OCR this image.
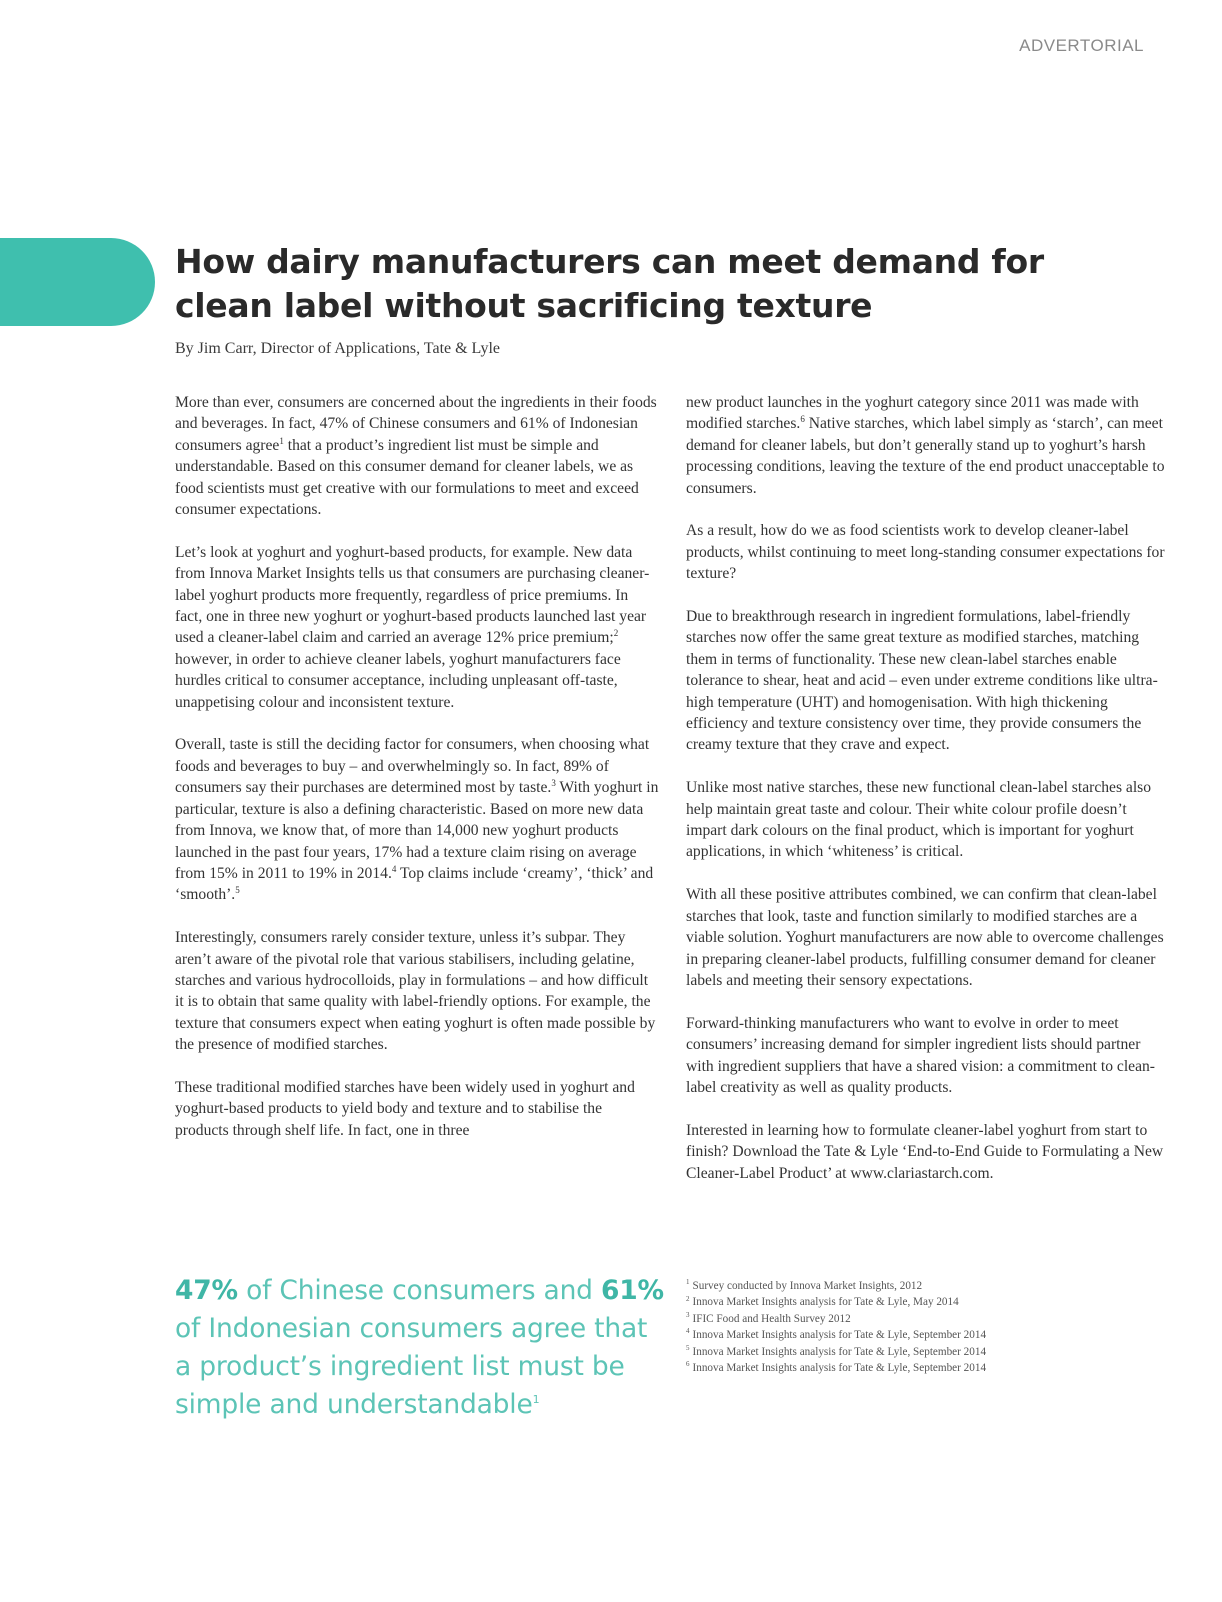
ADVERTORIAL
How dairy manufacturers can meet demand for
clean label without sacrificing texture
By Jim Carr, Director of Applications, Tate & Lyle

More than ever, consumers are concerned about the ingredients in their foods and beverages. In fact, 47% of Chinese consumers and 61% of Indonesian consumers agree$^1$ that a product’s ingredient list must be simple and understandable. Based on this consumer demand for cleaner labels, we as food scientists must get creative with our formulations to meet and exceed consumer expectations.

Let’s look at yoghurt and yoghurt-based products, for example. New data from Innova Market Insights tells us that consumers are purchasing cleaner-label yoghurt products more frequently, regardless of price premiums. In fact, one in three new yoghurt or yoghurt-based products launched last year used a cleaner-label claim and carried an average 12% price premium;$^2$ however, in order to achieve cleaner labels, yoghurt manufacturers face hurdles critical to consumer acceptance, including unpleasant off-taste, unappetising colour and inconsistent texture.

Overall, taste is still the deciding factor for consumers, when choosing what foods and beverages to buy – and overwhelmingly so. In fact, 89% of consumers say their purchases are determined most by taste.$^3$ With yoghurt in particular, texture is also a defining characteristic. Based on more new data from Innova, we know that, of more than 14,000 new yoghurt products launched in the past four years, 17% had a texture claim rising on average from 15% in 2011 to 19% in 2014.$^4$ Top claims include ‘creamy’, ‘thick’ and ‘smooth’.$^5$

Interestingly, consumers rarely consider texture, unless it’s subpar. They aren’t aware of the pivotal role that various stabilisers, including gelatine, starches and various hydrocolloids, play in formulations – and how difficult it is to obtain that same quality with label-friendly options. For example, the texture that consumers expect when eating yoghurt is often made possible by the presence of modified starches.

These traditional modified starches have been widely used in yoghurt and yoghurt-based products to yield body and texture and to stabilise the products through shelf life. In fact, one in three

new product launches in the yoghurt category since 2011 was made with modified starches.$^6$ Native starches, which label simply as ‘starch’, can meet demand for cleaner labels, but don’t generally stand up to yoghurt’s harsh processing conditions, leaving the texture of the end product unacceptable to consumers.

As a result, how do we as food scientists work to develop cleaner-label products, whilst continuing to meet long-standing consumer expectations for texture?

Due to breakthrough research in ingredient formulations, label-friendly starches now offer the same great texture as modified starches, matching them in terms of functionality. These new clean-label starches enable tolerance to shear, heat and acid – even under extreme conditions like ultra-high temperature (UHT) and homogenisation. With high thickening efficiency and texture consistency over time, they provide consumers the creamy texture that they crave and expect.

Unlike most native starches, these new functional clean-label starches also help maintain great taste and colour. Their white colour profile doesn’t impart dark colours on the final product, which is important for yoghurt applications, in which ‘whiteness’ is critical.

With all these positive attributes combined, we can confirm that clean-label starches that look, taste and function similarly to modified starches are a viable solution. Yoghurt manufacturers are now able to overcome challenges in preparing cleaner-label products, fulfilling consumer demand for cleaner labels and meeting their sensory expectations.

Forward-thinking manufacturers who want to evolve in order to meet consumers’ increasing demand for simpler ingredient lists should partner with ingredient suppliers that have a shared vision: a commitment to clean-label creativity as well as quality products.

Interested in learning how to formulate cleaner-label yoghurt from start to finish? Download the Tate & Lyle ‘End-to-End Guide to Formulating a New Cleaner-Label Product’ at www.clariastarch.com.

47% of Chinese consumers and 61% of Indonesian consumers agree that a product’s ingredient list must be simple and understandable$^1$
$^1$ Survey conducted by Innova Market Insights, 2012
$^2$ Innova Market Insights analysis for Tate & Lyle, May 2014
$^3$ IFIC Food and Health Survey 2012
$^4$ Innova Market Insights analysis for Tate & Lyle, September 2014
$^5$ Innova Market Insights analysis for Tate & Lyle, September 2014
$^6$ Innova Market Insights analysis for Tate & Lyle, September 2014
